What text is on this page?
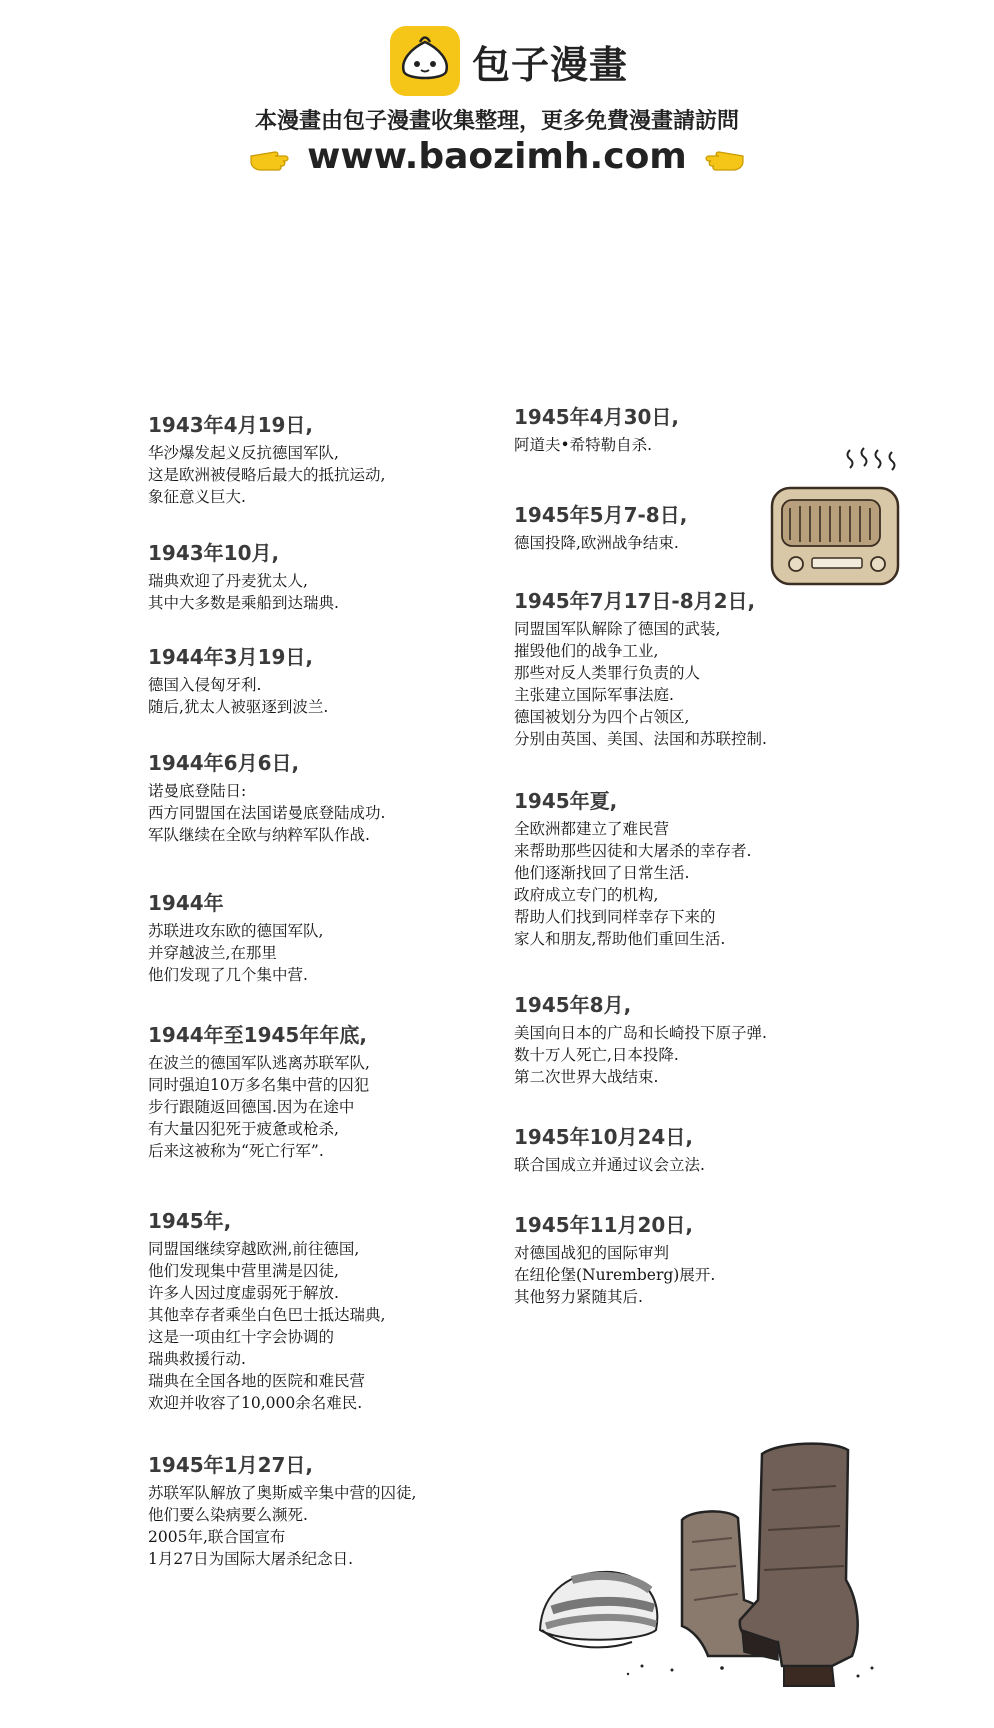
包子漫畫
本漫畫由包子漫畫收集整理，更多免費漫畫請訪問
www.baozimh.com
1943年4月19日,
华沙爆发起义反抗德国军队,
这是欧洲被侵略后最大的抵抗运动,
象征意义巨大.
1943年10月,
瑞典欢迎了丹麦犹太人,
其中大多数是乘船到达瑞典.
1944年3月19日,
德国入侵匈牙利.
随后,犹太人被驱逐到波兰.
1944年6月6日,
诺曼底登陆日:
西方同盟国在法国诺曼底登陆成功.
军队继续在全欧与纳粹军队作战.
1944年
苏联进攻东欧的德国军队,
并穿越波兰,在那里
他们发现了几个集中营.
1944年至1945年年底,
在波兰的德国军队逃离苏联军队,
同时强迫10万多名集中营的囚犯
步行跟随返回德国.因为在途中
有大量囚犯死于疲惫或枪杀,
后来这被称为“死亡行军”.
1945年,
同盟国继续穿越欧洲,前往德国,
他们发现集中营里满是囚徒,
许多人因过度虚弱死于解放.
其他幸存者乘坐白色巴士抵达瑞典,
这是一项由红十字会协调的
瑞典救援行动.
瑞典在全国各地的医院和难民营
欢迎并收容了10,000余名难民.
1945年1月27日,
苏联军队解放了奥斯威辛集中营的囚徒,
他们要么染病要么濒死.
2005年,联合国宣布
1月27日为国际大屠杀纪念日.
1945年4月30日,
阿道夫•希特勒自杀.
1945年5月7-8日,
德国投降,欧洲战争结束.
1945年7月17日-8月2日,
同盟国军队解除了德国的武装,
摧毁他们的战争工业,
那些对反人类罪行负责的人
主张建立国际军事法庭.
德国被划分为四个占领区,
分别由英国、美国、法国和苏联控制.
1945年夏,
全欧洲都建立了难民营
来帮助那些囚徒和大屠杀的幸存者.
他们逐渐找回了日常生活.
政府成立专门的机构,
帮助人们找到同样幸存下来的
家人和朋友,帮助他们重回生活.
1945年8月,
美国向日本的广岛和长崎投下原子弹.
数十万人死亡,日本投降.
第二次世界大战结束.
1945年10月24日,
联合国成立并通过议会立法.
1945年11月20日,
对德国战犯的国际审判
在纽伦堡(Nuremberg)展开.
其他努力紧随其后.
